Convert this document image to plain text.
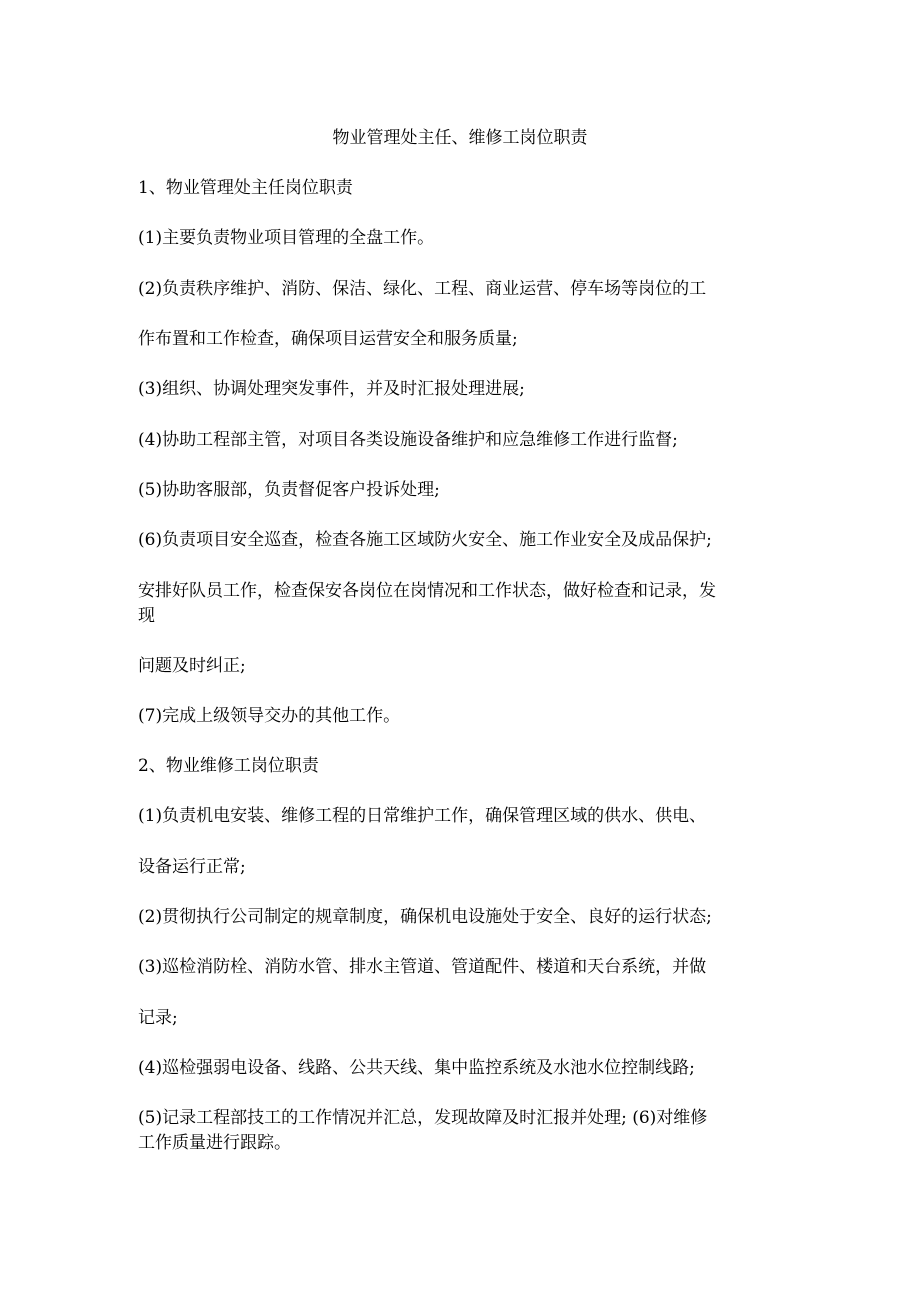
物业管理处主任、维修工岗位职责
1、物业管理处主任岗位职责
(1)主要负责物业项目管理的全盘工作。
(2)负责秩序维护、消防、保洁、绿化、工程、商业运营、停车场等岗位的工
作布置和工作检查，确保项目运营安全和服务质量;
(3)组织、协调处理突发事件，并及时汇报处理进展;
(4)协助工程部主管，对项目各类设施设备维护和应急维修工作进行监督;
(5)协助客服部，负责督促客户投诉处理;
(6)负责项目安全巡查，检查各施工区域防火安全、施工作业安全及成品保护;
安排好队员工作，检查保安各岗位在岗情况和工作状态，做好检查和记录，发
现
问题及时纠正;
(7)完成上级领导交办的其他工作。
2、物业维修工岗位职责
(1)负责机电安装、维修工程的日常维护工作，确保管理区域的供水、供电、
设备运行正常;
(2)贯彻执行公司制定的规章制度，确保机电设施处于安全、良好的运行状态;
(3)巡检消防栓、消防水管、排水主管道、管道配件、楼道和天台系统，并做
记录;
(4)巡检强弱电设备、线路、公共天线、集中监控系统及水池水位控制线路;
(5)记录工程部技工的工作情况并汇总，发现故障及时汇报并处理; (6)对维修
工作质量进行跟踪。
